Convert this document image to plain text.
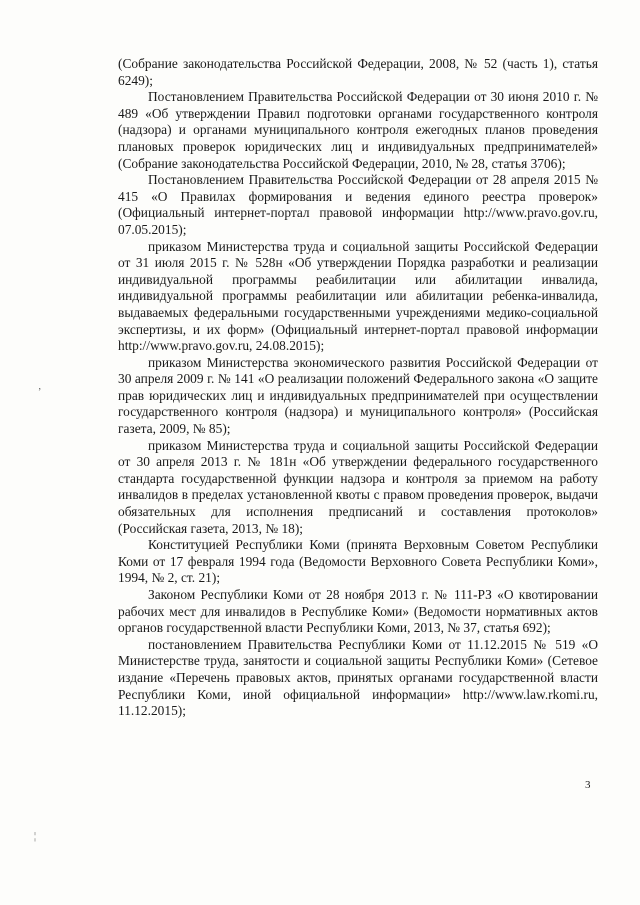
(Собрание законодательства Российской Федерации, 2008, № 52 (часть 1), статья 6249);

Постановлением Правительства Российской Федерации от 30 июня 2010 г. № 489 «Об утверждении Правил подготовки органами государственного контроля (надзора) и органами муниципального контроля ежегодных планов проведения плановых проверок юридических лиц и индивидуальных предпринимателей» (Собрание законодательства Российской Федерации, 2010, № 28, статья 3706);

Постановлением Правительства Российской Федерации от 28 апреля 2015 № 415 «О Правилах формирования и ведения единого реестра проверок» (Официальный интернет-портал правовой информации http://www.pravo.gov.ru, 07.05.2015);

приказом Министерства труда и социальной защиты Российской Федерации от 31 июля 2015 г. № 528н «Об утверждении Порядка разработки и реализации индивидуальной программы реабилитации или абилитации инвалида, индивидуальной программы реабилитации или абилитации ребенка-инвалида, выдаваемых федеральными государственными учреждениями медико-социальной экспертизы, и их форм» (Официальный интернет-портал правовой информации http://www.pravo.gov.ru, 24.08.2015);

приказом Министерства экономического развития Российской Федерации от 30 апреля 2009 г. № 141 «О реализации положений Федерального закона «О защите прав юридических лиц и индивидуальных предпринимателей при осуществлении государственного контроля (надзора) и муниципального контроля» (Российская газета, 2009, № 85);

приказом Министерства труда и социальной защиты Российской Федерации от 30 апреля 2013 г. № 181н «Об утверждении федерального государственного стандарта государственной функции надзора и контроля за приемом на работу инвалидов в пределах установленной квоты с правом проведения проверок, выдачи обязательных для исполнения предписаний и составления протоколов» (Российская газета, 2013, № 18);

Конституцией Республики Коми (принята Верховным Советом Республики Коми от 17 февраля 1994 года (Ведомости Верховного Совета Республики Коми», 1994, № 2, ст. 21);

Законом Республики Коми от 28 ноября 2013 г. № 111-РЗ «О квотировании рабочих мест для инвалидов в Республике Коми» (Ведомости нормативных актов органов государственной власти Республики Коми, 2013, № 37, статья 692);

постановлением Правительства Республики Коми от 11.12.2015 № 519 «О Министерстве труда, занятости и социальной защиты Республики Коми» (Сетевое издание «Перечень правовых актов, принятых органами государственной власти Республики Коми, иной официальной информации» http://www.law.rkomi.ru, 11.12.2015);

3
’
¦
